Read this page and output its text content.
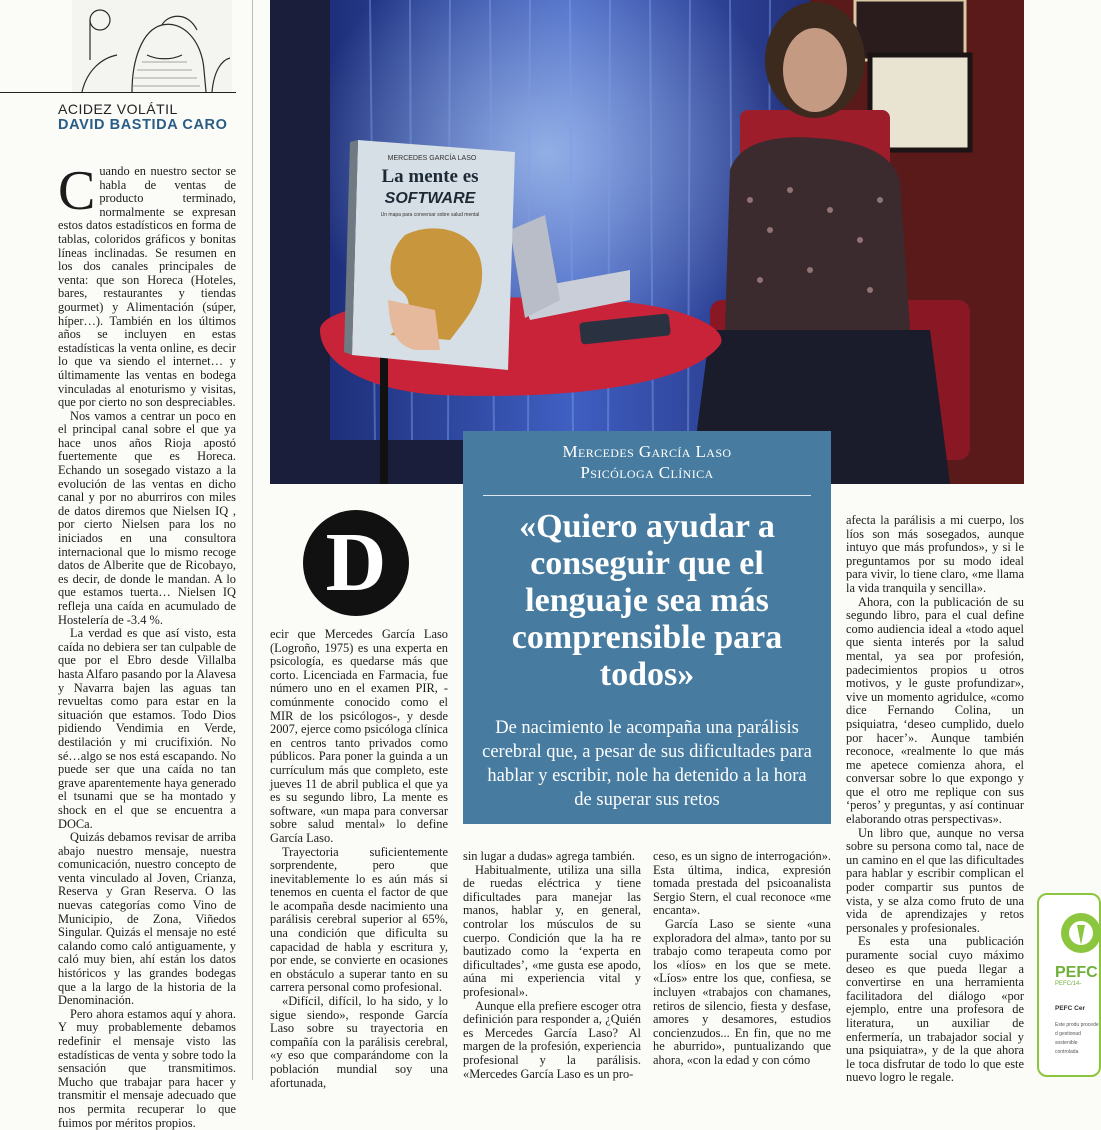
ACIDEZ VOLÁTIL
DAVID BASTIDA CARO

Cuando en nuestro sector se habla de ventas de producto terminado, normalmente se expresan estos datos estadísticos en forma de tablas, coloridos gráficos y bonitas líneas inclinadas. Se resumen en los dos canales principales de venta: que son Horeca (Hoteles, bares, restaurantes y tiendas gourmet) y Alimentación (súper, híper…). También en los últimos años se incluyen en estas estadísticas la venta online, es decir lo que va siendo el internet… y últimamente las ventas en bodega vinculadas al enoturismo y visitas, que por cierto no son despreciables.

Nos vamos a centrar un poco en el principal canal sobre el que ya hace unos años Rioja apostó fuertemente que es Horeca. Echando un sosegado vistazo a la evolución de las ventas en dicho canal y por no aburriros con miles de datos diremos que Nielsen IQ , por cierto Nielsen para los no iniciados en una consultora internacional que lo mismo recoge datos de Alberite que de Ricobayo, es decir, de donde le mandan. A lo que estamos tuerta… Nielsen IQ refleja una caída en acumulado de Hostelería de -3.4 %.

La verdad es que así visto, esta caída no debiera ser tan culpable de que por el Ebro desde Villalba hasta Alfaro pasando por la Alavesa y Navarra bajen las aguas tan revueltas como para estar en la situación que estamos. Todo Dios pidiendo Vendimia en Verde, destilación y mi crucifixión. No sé…algo se nos está escapando. No puede ser que una caída no tan grave aparentemente haya generado el tsunami que se ha montado y shock en el que se encuentra a DOCa.

Quizás debamos revisar de arriba abajo nuestro mensaje, nuestra comunicación, nuestro concepto de venta vinculado al Joven, Crianza, Reserva y Gran Reserva. O las nuevas categorías como Vino de Municipio, de Zona, Viñedos Singular. Quizás el mensaje no esté calando como caló antiguamente, y caló muy bien, ahí están los datos históricos y las grandes bodegas que a la largo de la historia de la Denominación.

Pero ahora estamos aquí y ahora. Y muy probablemente debamos redefinir el mensaje visto las estadísticas de venta y sobre todo la sensación que transmitimos. Mucho que trabajar para hacer y transmitir el mensaje adecuado que nos permita recuperar lo que fuimos por méritos propios.

MERCEDES GARCÍA LASO
La mente es
SOFTWARE
Un mapa para conversar sobre salud mental
Mercedes García Laso
Psicóloga Clínica
«Quiero ayudar a conseguir que el lenguaje sea más comprensible para todos»
De nacimiento le acompaña una parálisis cerebral que, a pesar de sus dificultades para hablar y escribir, nole ha detenido a la hora de superar sus retos
D

ecir que Mercedes García Laso (Logroño, 1975) es una experta en psicología, es quedarse más que corto. Licenciada en Farmacia, fue número uno en el examen PIR, - comúnmente conocido como el MIR de los psicólogos-, y desde 2007, ejerce como psicóloga clínica en centros tanto privados como públicos. Para poner la guinda a un currículum más que completo, este jueves 11 de abril publica el que ya es su segundo libro, La mente es software, «un mapa para conversar sobre salud mental» lo define García Laso.

Trayectoria suficientemente sorprendente, pero que inevitablemente lo es aún más si tenemos en cuenta el factor de que le acompaña desde nacimiento una parálisis cerebral superior al 65%, una condición que dificulta su capacidad de habla y escritura y, por ende, se convierte en ocasiones en obstáculo a superar tanto en su carrera personal como profesional.

«Difícil, difícil, lo ha sido, y lo sigue siendo», responde García Laso sobre su trayectoria en compañía con la parálisis cerebral, «y eso que comparándome con la población mundial soy una afortunada,

sin lugar a dudas» agrega también.

Habitualmente, utiliza una silla de ruedas eléctrica y tiene dificultades para manejar las manos, hablar y, en general, controlar los músculos de su cuerpo. Condición que la ha re bautizado como la ‘experta en dificultades’, «me gusta ese apodo, aúna mi experiencia vital y profesional».

Aunque ella prefiere escoger otra definición para responder a, ¿Quién es Mercedes García Laso? Al margen de la profesión, experiencia profesional y la parálisis. «Mercedes García Laso es un pro-

ceso, es un signo de interrogación». Esta última, indica, expresión tomada prestada del psicoanalista Sergio Stern, el cual reconoce «me encanta».

García Laso se siente «una exploradora del alma», tanto por su trabajo como terapeuta como por los «líos» en los que se mete. «Líos» entre los que, confiesa, se incluyen «trabajos con chamanes, retiros de silencio, fiesta y desfase, amores y desamores, estudios concienzudos... En fin, que no me he aburrido», puntualizando que ahora, «con la edad y con cómo

afecta la parálisis a mi cuerpo, los líos son más sosegados, aunque intuyo que más profundos», y si le preguntamos por su modo ideal para vivir, lo tiene claro, «me llama la vida tranquila y sencilla».

Ahora, con la publicación de su segundo libro, para el cual define como audiencia ideal a «todo aquel que sienta interés por la salud mental, ya sea por profesión, padecimientos propios u otros motivos, y le guste profundizar», vive un momento agridulce, «como dice Fernando Colina, un psiquiatra, ‘deseo cumplido, duelo por hacer’». Aunque también reconoce, «realmente lo que más me apetece comienza ahora, el conversar sobre lo que expongo y que el otro me replique con sus ‘peros’ y preguntas, y así continuar elaborando otras perspectivas».

Un libro que, aunque no versa sobre su persona como tal, nace de un camino en el que las dificultades para hablar y escribir complican el poder compartir sus puntos de vista, y se alza como fruto de una vida de aprendizajes y retos personales y profesionales.

Es esta una publicación puramente social cuyo máximo deseo es que pueda llegar a convertirse en una herramienta facilitadora del diálogo «por ejemplo, entre una profesora de literatura, un auxiliar de enfermería, un trabajador social y una psiquiatra», y de la que ahora le toca disfrutar de todo lo que este nuevo logro le regale.

PEFC
PEFC/14-
PEFC Cer
Este produ procede d gestionad sostenible controlada
